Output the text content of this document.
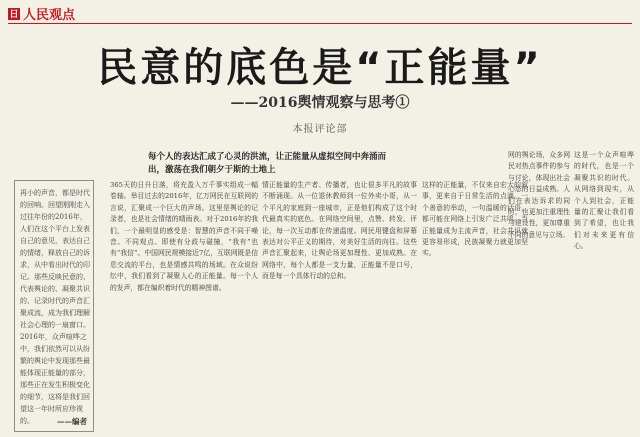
日 人民观点
民意的底色是“正能量”
——2016舆情观察与思考①
本报评论部
每个人的表达汇成了心灵的洪流，让正能量从虚拟空间中奔涌而出，激荡在我们朝夕于斯的土地上
再小的声音，都是时代的回响。回望刚刚走入过往年份的2016年，人们在这个平台上发表自己的意见，表达自己的情绪，释放自己的诉求，从中看出时代的印记。那些反映民意的、代表舆论的、凝聚共识的、记录时代的声音汇聚成流，成为我们理解社会心理的一扇窗口。2016年，众声喧哗之中，我们依然可以从纷繁的舆论中发现那些最能体现正能量的部分，那些正在发生积极变化的细节，这将是我们回望这一年时所应珍视的。	——编者
365天的日升日落，将充盈入万千事实组成一幅卷轴。举目过去的2016年，亿万网民在互联网的言说，汇聚成一个巨大的声场。这里是舆论的记录者，也是社会情绪的晴雨表。对于2016年的我们，一个最明显的感受是：智慧的声音不同于噪音。不同观点、即使有分歧与碰撞，“我有”也有“我信”。中国网民规模接近7亿，互联网既是信息交流的平台，也是情感共鸣的场域。在众说纷纭中，我们看到了凝聚人心的正能量。每一个人的发声，都在编织着时代的精神图谱。
情正能量的生产者、传播者，也让很多平凡的故事不断涌现。从一位退休教师到一位外卖小哥，从一个平凡的家庭到一座城市，正是他们构成了这个时代最真实的底色。在网络空间里，点赞、转发、评论，每一次互动都在传递温度。网民用键盘和屏幕表达对公平正义的期待，对美好生活的向往。这些声音汇聚起来，让舆论场更加理性、更加成熟。在网络中，每个人都是一支力量，正能量不是口号，而是每一个具体行动的总和。
这样的正能量，不仅来自宏大的叙事，更来自于日常生活的点滴。一个善意的举动，一句温暖的话语，都可能在网络上引发广泛共鸣。当正能量成为主流声音，社会共识就更容易形成，民族凝聚力就更加坚实。
网的舆论场，众多网民对热点事件的参与与讨论，体现出社会心态的日益成熟。人们在表达诉求的同时，也更加注重理性与建设性，更加尊重不同的意见与立场。
这是一个众声喧哗的时代，也是一个凝聚共识的时代。从网络到现实，从个人到社会，正能量的汇聚让我们看到了希望，也让我们对未来更有信心。
